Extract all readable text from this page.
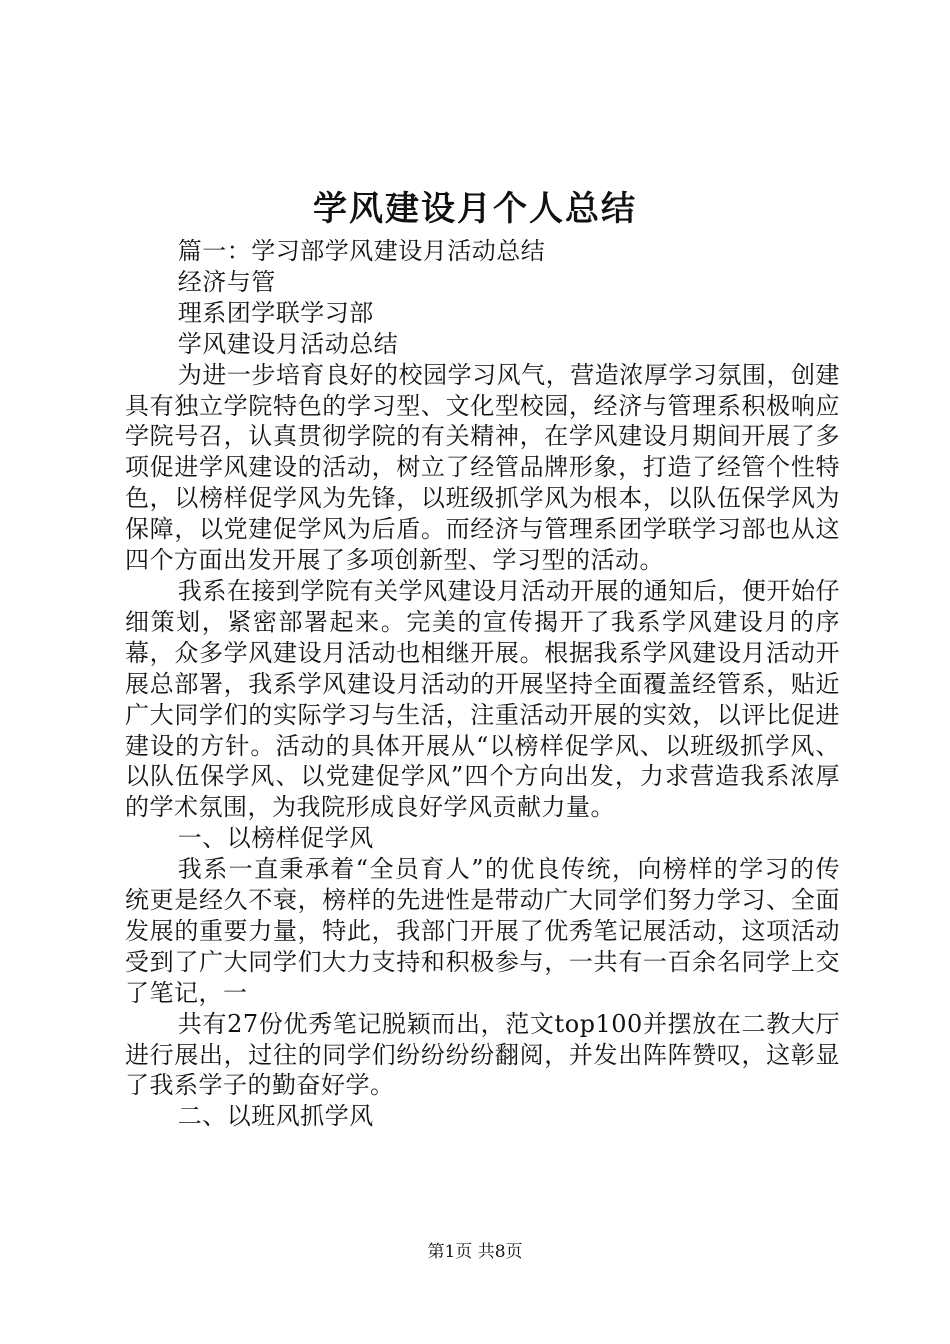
学风建设月个人总结

篇一：学习部学风建设月活动总结

经济与管

理系团学联学习部

学风建设月活动总结

为进一步培育良好的校园学习风气，营造浓厚学习氛围，创建具有独立学院特色的学习型、文化型校园，经济与管理系积极响应学院号召，认真贯彻学院的有关精神，在学风建设月期间开展了多项促进学风建设的活动，树立了经管品牌形象，打造了经管个性特色，以榜样促学风为先锋，以班级抓学风为根本，以队伍保学风为保障，以党建促学风为后盾。而经济与管理系团学联学习部也从这四个方面出发开展了多项创新型、学习型的活动。

我系在接到学院有关学风建设月活动开展的通知后，便开始仔细策划，紧密部署起来。完美的宣传揭开了我系学风建设月的序幕，众多学风建设月活动也相继开展。根据我系学风建设月活动开展总部署，我系学风建设月活动的开展坚持全面覆盖经管系，贴近广大同学们的实际学习与生活，注重活动开展的实效，以评比促进建设的方针。活动的具体开展从“以榜样促学风、以班级抓学风、以队伍保学风、以党建促学风”四个方向出发，力求营造我系浓厚的学术氛围，为我院形成良好学风贡献力量。

一、以榜样促学风

我系一直秉承着“全员育人”的优良传统，向榜样的学习的传统更是经久不衰，榜样的先进性是带动广大同学们努力学习、全面发展的重要力量，特此，我部门开展了优秀笔记展活动，这项活动受到了广大同学们大力支持和积极参与，一共有一百余名同学上交了笔记，一

共有27份优秀笔记脱颖而出，范文top100并摆放在二教大厅进行展出，过往的同学们纷纷纷纷翻阅，并发出阵阵赞叹，这彰显了我系学子的勤奋好学。

二、以班风抓学风

第1页 共8页
